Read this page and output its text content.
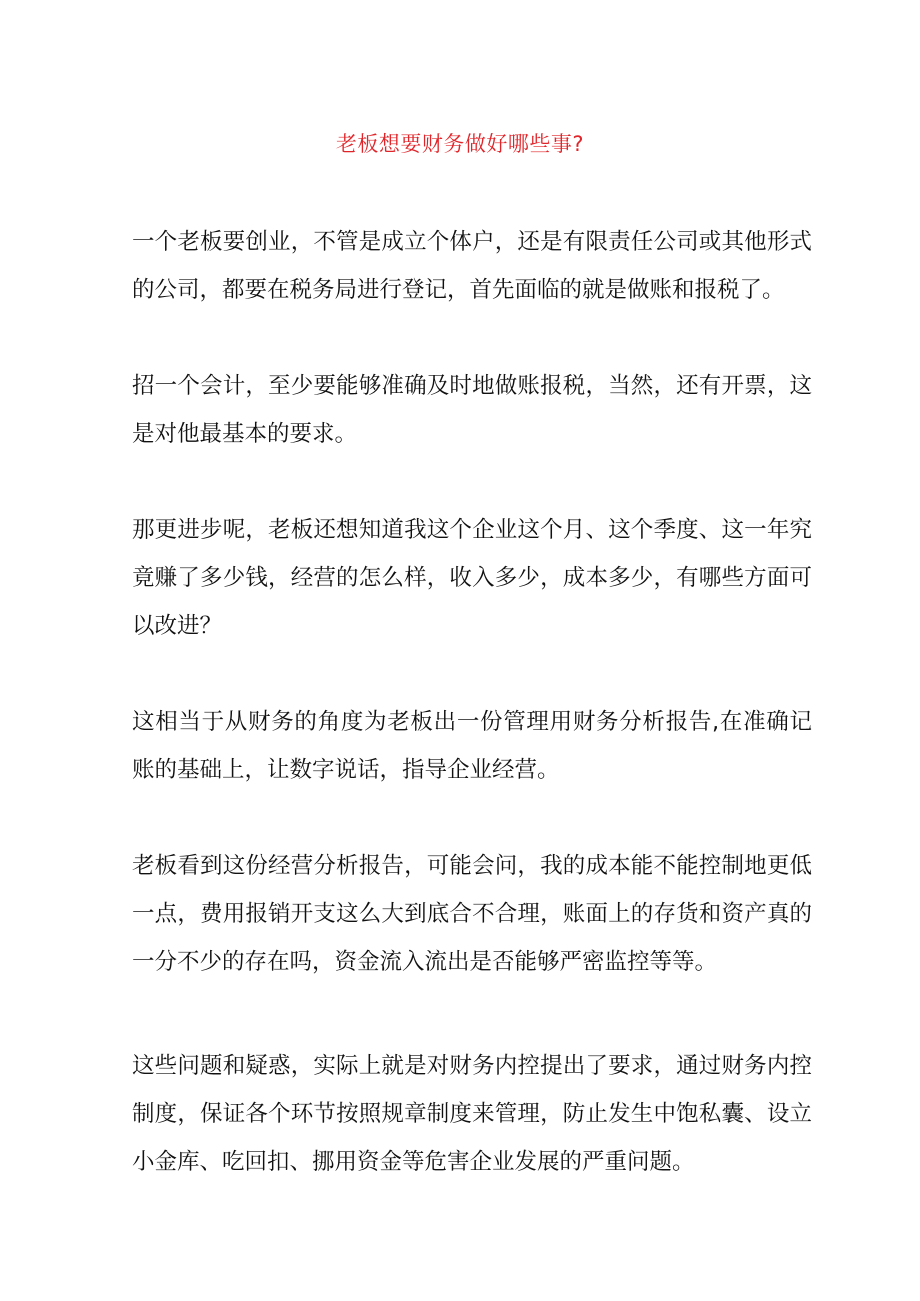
老板想要财务做好哪些事?

一个老板要创业，不管是成立个体户，还是有限责任公司或其他形式的公司，都要在税务局进行登记，首先面临的就是做账和报税了。

招一个会计，至少要能够准确及时地做账报税，当然，还有开票，这是对他最基本的要求。

那更进步呢，老板还想知道我这个企业这个月、这个季度、这一年究竟赚了多少钱，经营的怎么样，收入多少，成本多少，有哪些方面可以改进？

这相当于从财务的角度为老板出一份管理用财务分析报告,在准确记账的基础上，让数字说话，指导企业经营。

老板看到这份经营分析报告，可能会问，我的成本能不能控制地更低一点，费用报销开支这么大到底合不合理，账面上的存货和资产真的一分不少的存在吗，资金流入流出是否能够严密监控等等。

这些问题和疑惑，实际上就是对财务内控提出了要求，通过财务内控制度，保证各个环节按照规章制度来管理，防止发生中饱私囊、设立小金库、吃回扣、挪用资金等危害企业发展的严重问题。
